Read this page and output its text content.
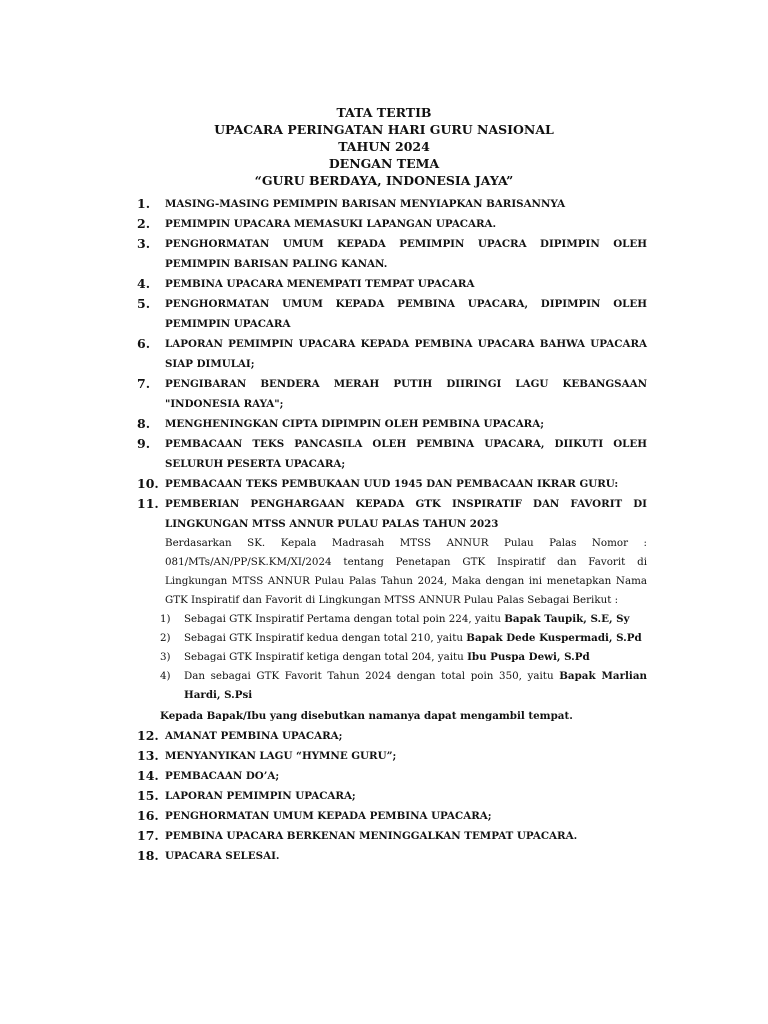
TATA TERTIB
UPACARA PERINGATAN HARI GURU NASIONAL
TAHUN 2024
DENGAN TEMA
“GURU BERDAYA, INDONESIA JAYA”
1. MASING-MASING PEMIMPIN BARISAN MENYIAPKAN BARISANNYA
2. PEMIMPIN UPACARA MEMASUKI LAPANGAN UPACARA.
3. PENGHORMATAN UMUM KEPADA PEMIMPIN UPACRA DIPIMPIN OLEH PEMIMPIN BARISAN PALING KANAN.
4. PEMBINA UPACARA MENEMPATI TEMPAT UPACARA
5. PENGHORMATAN UMUM KEPADA PEMBINA UPACARA, DIPIMPIN OLEH PEMIMPIN UPACARA
6. LAPORAN PEMIMPIN UPACARA KEPADA PEMBINA UPACARA BAHWA UPACARA SIAP DIMULAI;
7. PENGIBARAN BENDERA MERAH PUTIH DIIRINGI LAGU KEBANGSAAN "INDONESIA RAYA";
8. MENGHENINGKAN CIPTA DIPIMPIN OLEH PEMBINA UPACARA;
9. PEMBACAAN TEKS PANCASILA OLEH PEMBINA UPACARA, DIIKUTI OLEH SELURUH PESERTA UPACARA;
10. PEMBACAAN TEKS PEMBUKAAN UUD 1945 DAN PEMBACAAN IKRAR GURU:
11. PEMBERIAN PENGHARGAAN KEPADA GTK INSPIRATIF DAN FAVORIT DI LINGKUNGAN MTSS ANNUR PULAU PALAS TAHUN 2023
Berdasarkan SK. Kepala Madrasah MTSS ANNUR Pulau Palas Nomor : 081/MTs/AN/PP/SK.KM/XI/2024 tentang Penetapan GTK Inspiratif dan Favorit di Lingkungan MTSS ANNUR Pulau Palas Tahun 2024, Maka dengan ini menetapkan Nama GTK Inspiratif dan Favorit di Lingkungan MTSS ANNUR Pulau Palas Sebagai Berikut :
1) Sebagai GTK Inspiratif Pertama dengan total poin 224, yaitu Bapak Taupik, S.E, Sy
2) Sebagai GTK Inspiratif kedua dengan total 210, yaitu Bapak Dede Kuspermadi, S.Pd
3) Sebagai GTK Inspiratif ketiga dengan total 204, yaitu Ibu Puspa Dewi, S.Pd
4) Dan sebagai GTK Favorit Tahun 2024 dengan total poin 350, yaitu Bapak Marlian Hardi, S.Psi
Kepada Bapak/Ibu yang disebutkan namanya dapat mengambil tempat.
12. AMANAT PEMBINA UPACARA;
13. MENYANYIKAN LAGU “HYMNE GURU”;
14. PEMBACAAN DO’A;
15. LAPORAN PEMIMPIN UPACARA;
16. PENGHORMATAN UMUM KEPADA PEMBINA UPACARA;
17. PEMBINA UPACARA BERKENAN MENINGGALKAN TEMPAT UPACARA.
18. UPACARA SELESAI.
